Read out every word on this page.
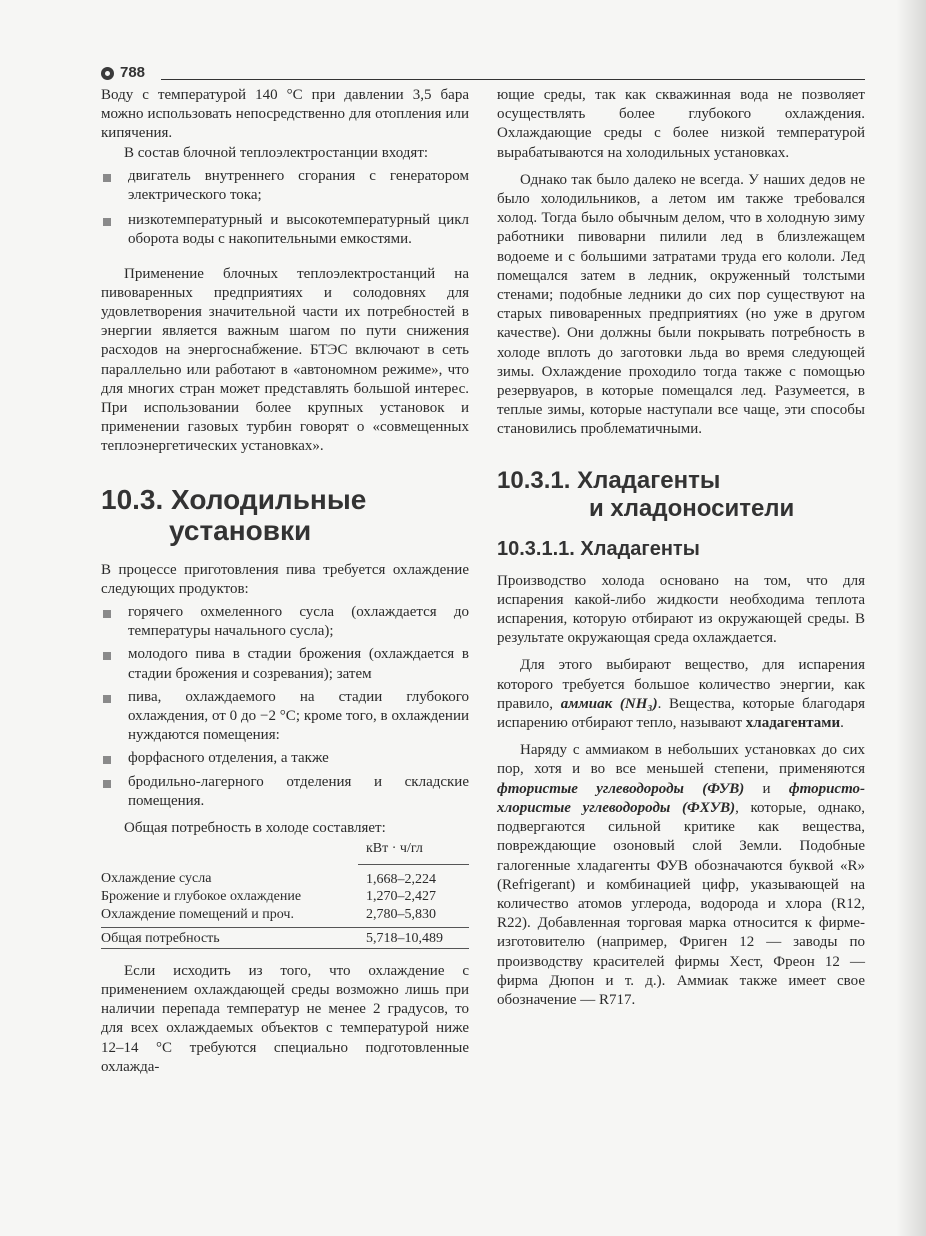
788

Воду с температурой 140 °C при давлении 3,5 бара можно использовать непосредственно для отопления или кипячения.

В состав блочной теплоэлектростанции входят:

двигатель внутреннего сгорания с генератором электрического тока;
низкотемпературный и высокотемпературный цикл оборота воды с накопительными емкостями.

Применение блочных теплоэлектростанций на пивоваренных предприятиях и солодовнях для удовлетворения значительной части их потребностей в энергии является важным шагом по пути снижения расходов на энергоснабжение. БТЭС включают в сеть параллельно или работают в «автономном режиме», что для многих стран может представлять большой интерес. При использовании более крупных установок и применении газовых турбин говорят о «совмещенных теплоэнергетических установках».

10.3. Холодильные
установки

В процессе приготовления пива требуется охлаждение следующих продуктов:

горячего охмеленного сусла (охлаждается до температуры начального сусла);
молодого пива в стадии брожения (охлаждается в стадии брожения и созревания); затем
пива, охлаждаемого на стадии глубокого охлаждения, от 0 до −2 °C; кроме того, в охлаждении нуждаются помещения:
форфасного отделения, а также
бродильно-лагерного отделения и складские помещения.

Общая потребность в холоде составляет:

	кВт · ч/гл
Охлаждение сусла	1,668–2,224
Брожение и глубокое охлаждение	1,270–2,427
Охлаждение помещений и проч.	2,780–5,830
Общая потребность	5,718–10,489

Если исходить из того, что охлаждение с применением охлаждающей среды возможно лишь при наличии перепада температур не менее 2 градусов, то для всех охлаждаемых объектов с температурой ниже 12–14 °C требуются специально подготовленные охлажда-

ющие среды, так как скважинная вода не позволяет осуществлять более глубокого охлаждения. Охлаждающие среды с более низкой температурой вырабатываются на холодильных установках.

Однако так было далеко не всегда. У наших дедов не было холодильников, а летом им также требовался холод. Тогда было обычным делом, что в холодную зиму работники пивоварни пилили лед в близлежащем водоеме и с большими затратами труда его кололи. Лед помещался затем в ледник, окруженный толстыми стенами; подобные ледники до сих пор существуют на старых пивоваренных предприятиях (но уже в другом качестве). Они должны были покрывать потребность в холоде вплоть до заготовки льда во время следующей зимы. Охлаждение проходило тогда также с помощью резервуаров, в которые помещался лед. Разумеется, в теплые зимы, которые наступали все чаще, эти способы становились проблематичными.

10.3.1. Хладагенты
и хладоносители
10.3.1.1. Хладагенты

Производство холода основано на том, что для испарения какой-либо жидкости необходима теплота испарения, которую отбирают из окружающей среды. В результате окружающая среда охлаждается.

Для этого выбирают вещество, для испарения которого требуется большое количество энергии, как правило, аммиак (NH₃). Вещества, которые благодаря испарению отбирают тепло, называют хладагентами.

Наряду с аммиаком в небольших установках до сих пор, хотя и во все меньшей степени, применяются фтористые углеводороды (ФУВ) и фтористо-хлористые углеводороды (ФХУВ), которые, однако, подвергаются сильной критике как вещества, повреждающие озоновый слой Земли. Подобные галогенные хладагенты ФУВ обозначаются буквой «R» (Refrigerant) и комбинацией цифр, указывающей на количество атомов углерода, водорода и хлора (R12, R22). Добавленная торговая марка относится к фирме-изготовителю (например, Фриген 12 — заводы по производству красителей фирмы Хест, Фреон 12 — фирма Дюпон и т. д.). Аммиак также имеет свое обозначение — R717.
